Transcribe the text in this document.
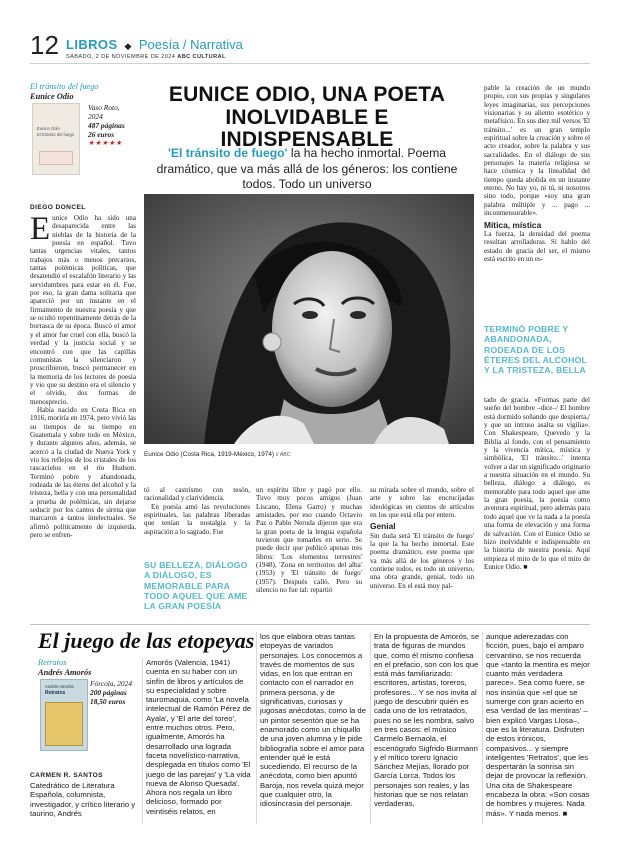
12 LIBROS ◆ Poesía / Narrativa
SÁBADO, 2 DE NOVIEMBRE DE 2024 ABC CULTURAL
El tránsito del fuego
Eunice Odio
Eunice Odio
El tránsito del fuego
Vaso Roto,
2024
487 páginas
26 euros
★★★★★
EUNICE ODIO, UNA POETA
INOLVIDABLE E INDISPENSABLE
'El tránsito de fuego' la ha hecho inmortal. Poema dramático, que va más allá de los géneros: los contiene todos. Todo un universo
Eunice Odio (Costa Rica, 1919-México, 1974) // ABC
DIEGO DONCEL

Eunice Odio ha sido una desaparecida entre las nieblas de la historia de la poesía en español. Tuvo tantas urgencias vitales, tantos trabajos más o menos precarios, tantas polémicas políticas, que desatendió el escalafón literario y las servidumbres para estar en él. Fue, por eso, la gran dama solitaria que apareció por un instante en el firmamento de nuestra poesía y que se ocultó repentinamente detrás de la borrasca de su época. Buscó el amor y el amor fue cruel con ella, buscó la verdad y la justicia social y se encontró con que las capillas comunistas la silenciaron y proscribieron, buscó permanecer en la memoria de los lectores de poesía y vio que su destino era el silencio y el olvido, dos formas de menosprecio.

Había nacido en Costa Rica en 1916, moriría en 1974, pero vivió las su tiempos de su tiempo en Guatemala y sobre todo en México, y durante algunos años, además, se acercó a la ciudad de Nueva York y vio los reflejos de los cristales de los rascacielos en el río Hudson. Terminó pobre y abandonada, rodeada de las éteres del alcohol y la tristeza, bella y con una personalidad a prueba de polémicas, sin dejarse seducir por los cantos de sirena que marcaron a tantos intelectuales. Se afirmó políticamente de izquierda, pero se enfren-

tó al castrismo con tesón, racionalidad y clarividencia.

En poesía amó las revoluciones espirituales, las palabras liberadas que tenían la nostalgia y la aspiración a lo sagrado. Fue

SU BELLEZA, DIÁLOGO A DIÁLOGO, ES MEMORABLE PARA TODO AQUEL QUE AME LA GRAN POESÍA

un espíritu libre y pagó por ello. Tuvo muy pocos amigos (Juan Liscano, Elena Garro) y muchas amistades, por eso cuando Octavio Paz o Pablo Neruda dijeron que era la gran poeta de la lengua española tuvieron que tomarles en serio. Se puede decir que publicó apenas tres libros: 'Los elementos terrestres' (1948), 'Zona en territorios del alba' (1953) y 'El tránsito de fuego' (1957). Después calló. Pero su silencio no fue tal: repartió

su mirada sobre el mundo, sobre el arte y sobre las encrucijadas ideológicas en cientos de artículos en los que está ella por entero.

Genial

Sin duda será 'El tránsito de fuego' la que la ha hecho inmortal. Este poema dramático, este poema que va más allá de los géneros y los contiene todos, es todo un universo, una obra grande, genial, todo un universo. En el está muy pal-

pable la creación de un mundo propio, con sus propias y singulares leyes imaginarias, sus percepciones visionarias y su aliento esotérico y metafísico. En sus diez mil versos 'El tránsito...' es un gran templo espiritual sobre la creación y sobre el acto creador, sobre la palabra y sus sacralidades. En el diálogo de sus personajes la materia religiosa se hace cósmica y la linealidad del tiempo queda abolida en un instante eterno. No hay yo, ni tú, ni nosotros sino todo, porque «soy una gran palabra múltiple y ... pago ... inconmensurable».

Mítica, mística

La fuerza, la densidad del poema resultan arrolladoras. Si hablo del estado de gracia del ser, el mismo está escrito en un es-

TERMINÓ POBRE Y ABANDONADA, RODEADA DE LOS ÉTERES DEL ALCOHOL Y LA TRISTEZA, BELLA

tado de gracia. «Formas parte del sueño del hombre –dice–/ El hombre está dormido soñando que despierta,/ y que un intruso asalta su vigilia». Con Shakespeare, Quevedo y la Biblia al fondo, con el pensamiento y la vivencia mítica, mística y simbólica, 'El tránsito...' intenta volver a dar un significado originario a nuestra situación en el mundo. Su belleza, diálogo a diálogo, es memorable para todo aquel que ame la gran poesía, la poesía como aventura espiritual, pero además para todo aquel que ve la nada a la poesía una forma de elevación y una forma de salvación. Con el Eunice Odio se hizo inolvidable e indispensable en la historia de nuestra poesía. Aquí empieza el mito de lo que el mito de Eunice Odio. ■

El juego de las etopeyas
Retratos
Andrés Amorós
Andrés Amorós
Retratos
Fórcola, 2024
200 páginas
18,50 euros
CARMEN R. SANTOS

Catedrático de Literatura Española, columnista, investigador, y crítico literario y taurino, Andrés

Amorós (Valencia, 1941) cuenta en su haber con un sinfín de libros y artículos de su especialidad y sobre tauromaquia, como 'La novela intelectual de Ramón Pérez de Ayala', y 'El arte del toreo', entre muchos otros. Pero, igualmente, Amorós ha desarrollado una lograda faceta novelístico-narrativa, desplegada en títulos como 'El juego de las parejas' y 'La vida nueva de Alonso Quesada'. Ahora nos regala un libro delicioso, formado por veintiséis relatos, en

los que elabora otras tantas etopeyas de variados personajes. Los conocemos a través de momentos de sus vidas, en los que entran en contacto con el narrador en primera persona, y de significativas, curiosas y jugosas anécdotas, como la de un pintor sesentón que se ha enamorado como un chiquillo de una joven alumna y le pide bibliografía sobre el amor para entender qué le está sucediendo. El recurso de la anécdota, como bien apuntó Baroja, nos revela quizá mejor que cualquier otro, la idiosincrasia del personaje.

En la propuesta de Amorós, se trata de figuras de mundos que, como él mismo confiesa en el prefacio, son con los que está más familiarizado: escritores, artistas, toreros, profesores... Y se nos invita al juego de descubrir quién es cada uno de los retratados, pues no se les nombra, salvo en tres casos: el músico Carmelo Bernaola, el escenógrafo Sigfrido Burmann y el mítico torero Ignacio Sánchez Mejías, llorado por García Lorca. Todos los personajes son reales, y las historias que se nos relatan verdaderas,

aunque aderezadas con ficción, pues, bajo el amparo cervantino, se nos recuerda que «tanto la mentira es mejor cuanto más verdadera parece». Sea como fuere, se nos insinúa que «el que se sumerge con gran acierto en esa 'verdad de las mentiras' –bien explicó Vargas Llosa–, que es la literatura. Disfruten de estos irónicos, compasivos... y siempre inteligentes 'Retratos', que les despertarán la sonrisa sin dejar de provocar la reflexión. Una cita de Shakespeare encabeza la obra: «Son cosas de hombres y mujeres. Nada más». Y nada menos. ■
